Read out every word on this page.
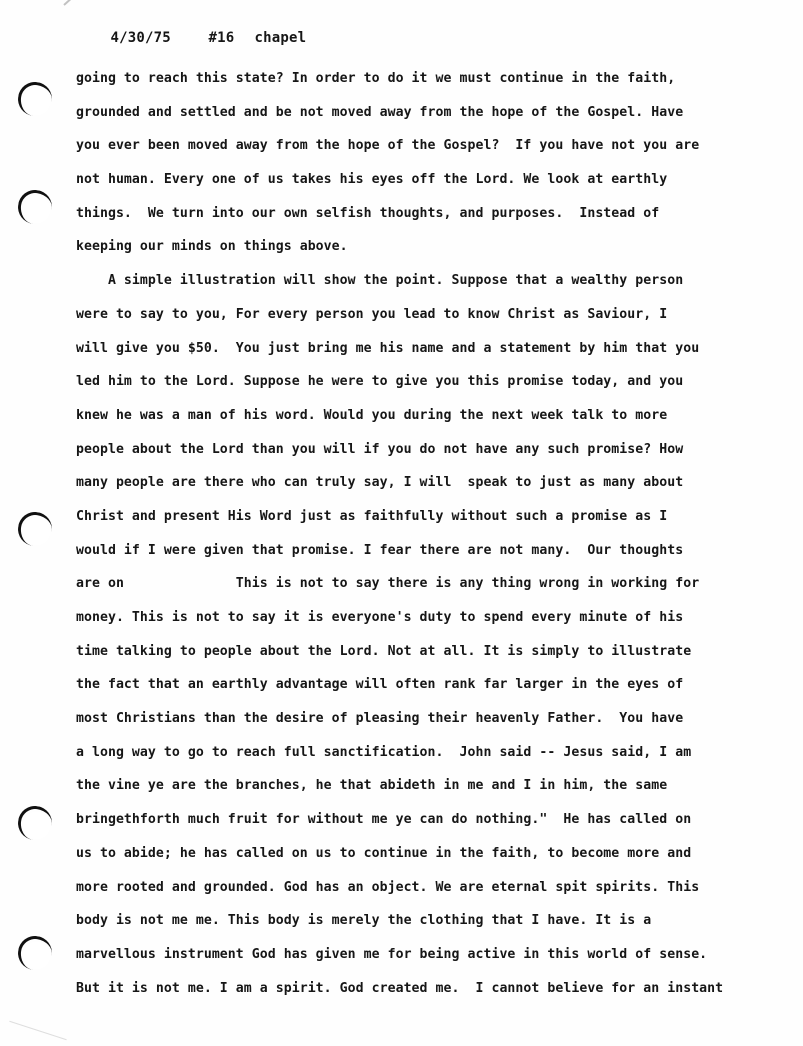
4/30/75	#16 chapel

going to reach this state? In order to do it we must continue in the faith,
grounded and settled and be not moved away from the hope of the Gospel. Have
you ever been moved away from the hope of the Gospel?  If you have not you are
not human. Every one of us takes his eyes off the Lord. We look at earthly
things.  We turn into our own selfish thoughts, and purposes.  Instead of
keeping our minds on things above.
A simple illustration will show the point. Suppose that a wealthy person
were to say to you, For every person you lead to know Christ as Saviour, I
will give you $50.  You just bring me his name and a statement by him that you
led him to the Lord. Suppose he were to give you this promise today, and you
knew he was a man of his word. Would you during the next week talk to more
people about the Lord than you will if you do not have any such promise? How
many people are there who can truly say, I will  speak to just as many about
Christ and present His Word just as faithfully without such a promise as I
would if I were given that promise. I fear there are not many.  Our thoughts
are on              This is not to say there is any thing wrong in working for
money. This is not to say it is everyone's duty to spend every minute of his
time talking to people about the Lord. Not at all. It is simply to illustrate
the fact that an earthly advantage will often rank far larger in the eyes of
most Christians than the desire of pleasing their heavenly Father.  You have
a long way to go to reach full sanctification.  John said -- Jesus said, I am
the vine ye are the branches, he that abideth in me and I in him, the same
bringethforth much fruit for without me ye can do nothing."  He has called on
us to abide; he has called on us to continue in the faith, to become more and
more rooted and grounded. God has an object. We are eternal spit spirits. This
body is not me me. This body is merely the clothing that I have. It is a
marvellous instrument God has given me for being active in this world of sense.
But it is not me. I am a spirit. God created me.  I cannot believe for an instant
